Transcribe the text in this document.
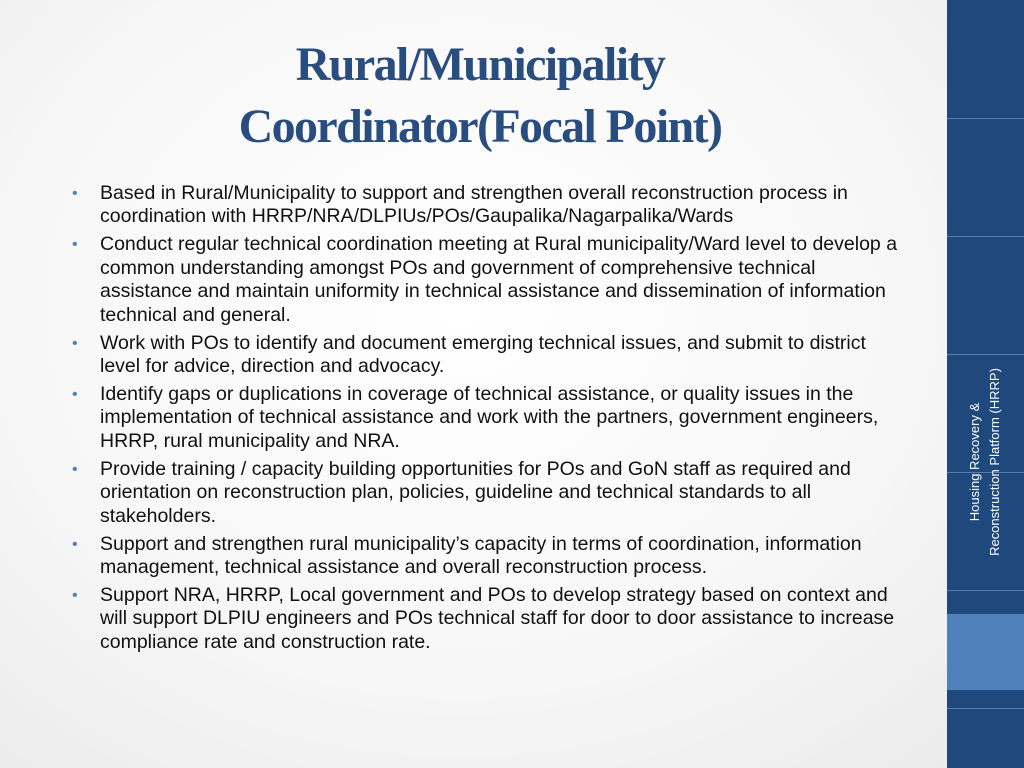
Rural/Municipality
Coordinator(Focal Point)
• Based in Rural/Municipality to support and strengthen overall reconstruction process in coordination with HRRP/NRA/DLPIUs/POs/Gaupalika/Nagarpalika/Wards
• Conduct regular technical coordination meeting at Rural municipality/Ward level to develop a common understanding amongst POs and government of comprehensive technical assistance and maintain uniformity in technical assistance and dissemination of information technical and general.
• Work with POs to identify and document emerging technical issues, and submit to district level for advice, direction and advocacy.
• Identify gaps or duplications in coverage of technical assistance, or quality issues in the implementation of technical assistance and work with the partners, government engineers, HRRP, rural municipality and NRA.
• Provide training / capacity building opportunities for POs and GoN staff as required and orientation on reconstruction plan, policies, guideline and technical standards to all stakeholders.
• Support and strengthen rural municipality’s capacity in terms of coordination, information management, technical assistance and overall reconstruction process.
• Support NRA, HRRP, Local government and POs to develop strategy based on context and will support DLPIU engineers and POs technical staff for door to door assistance to increase compliance rate and construction rate.
Housing Recovery & Reconstruction Platform (HRRP)
